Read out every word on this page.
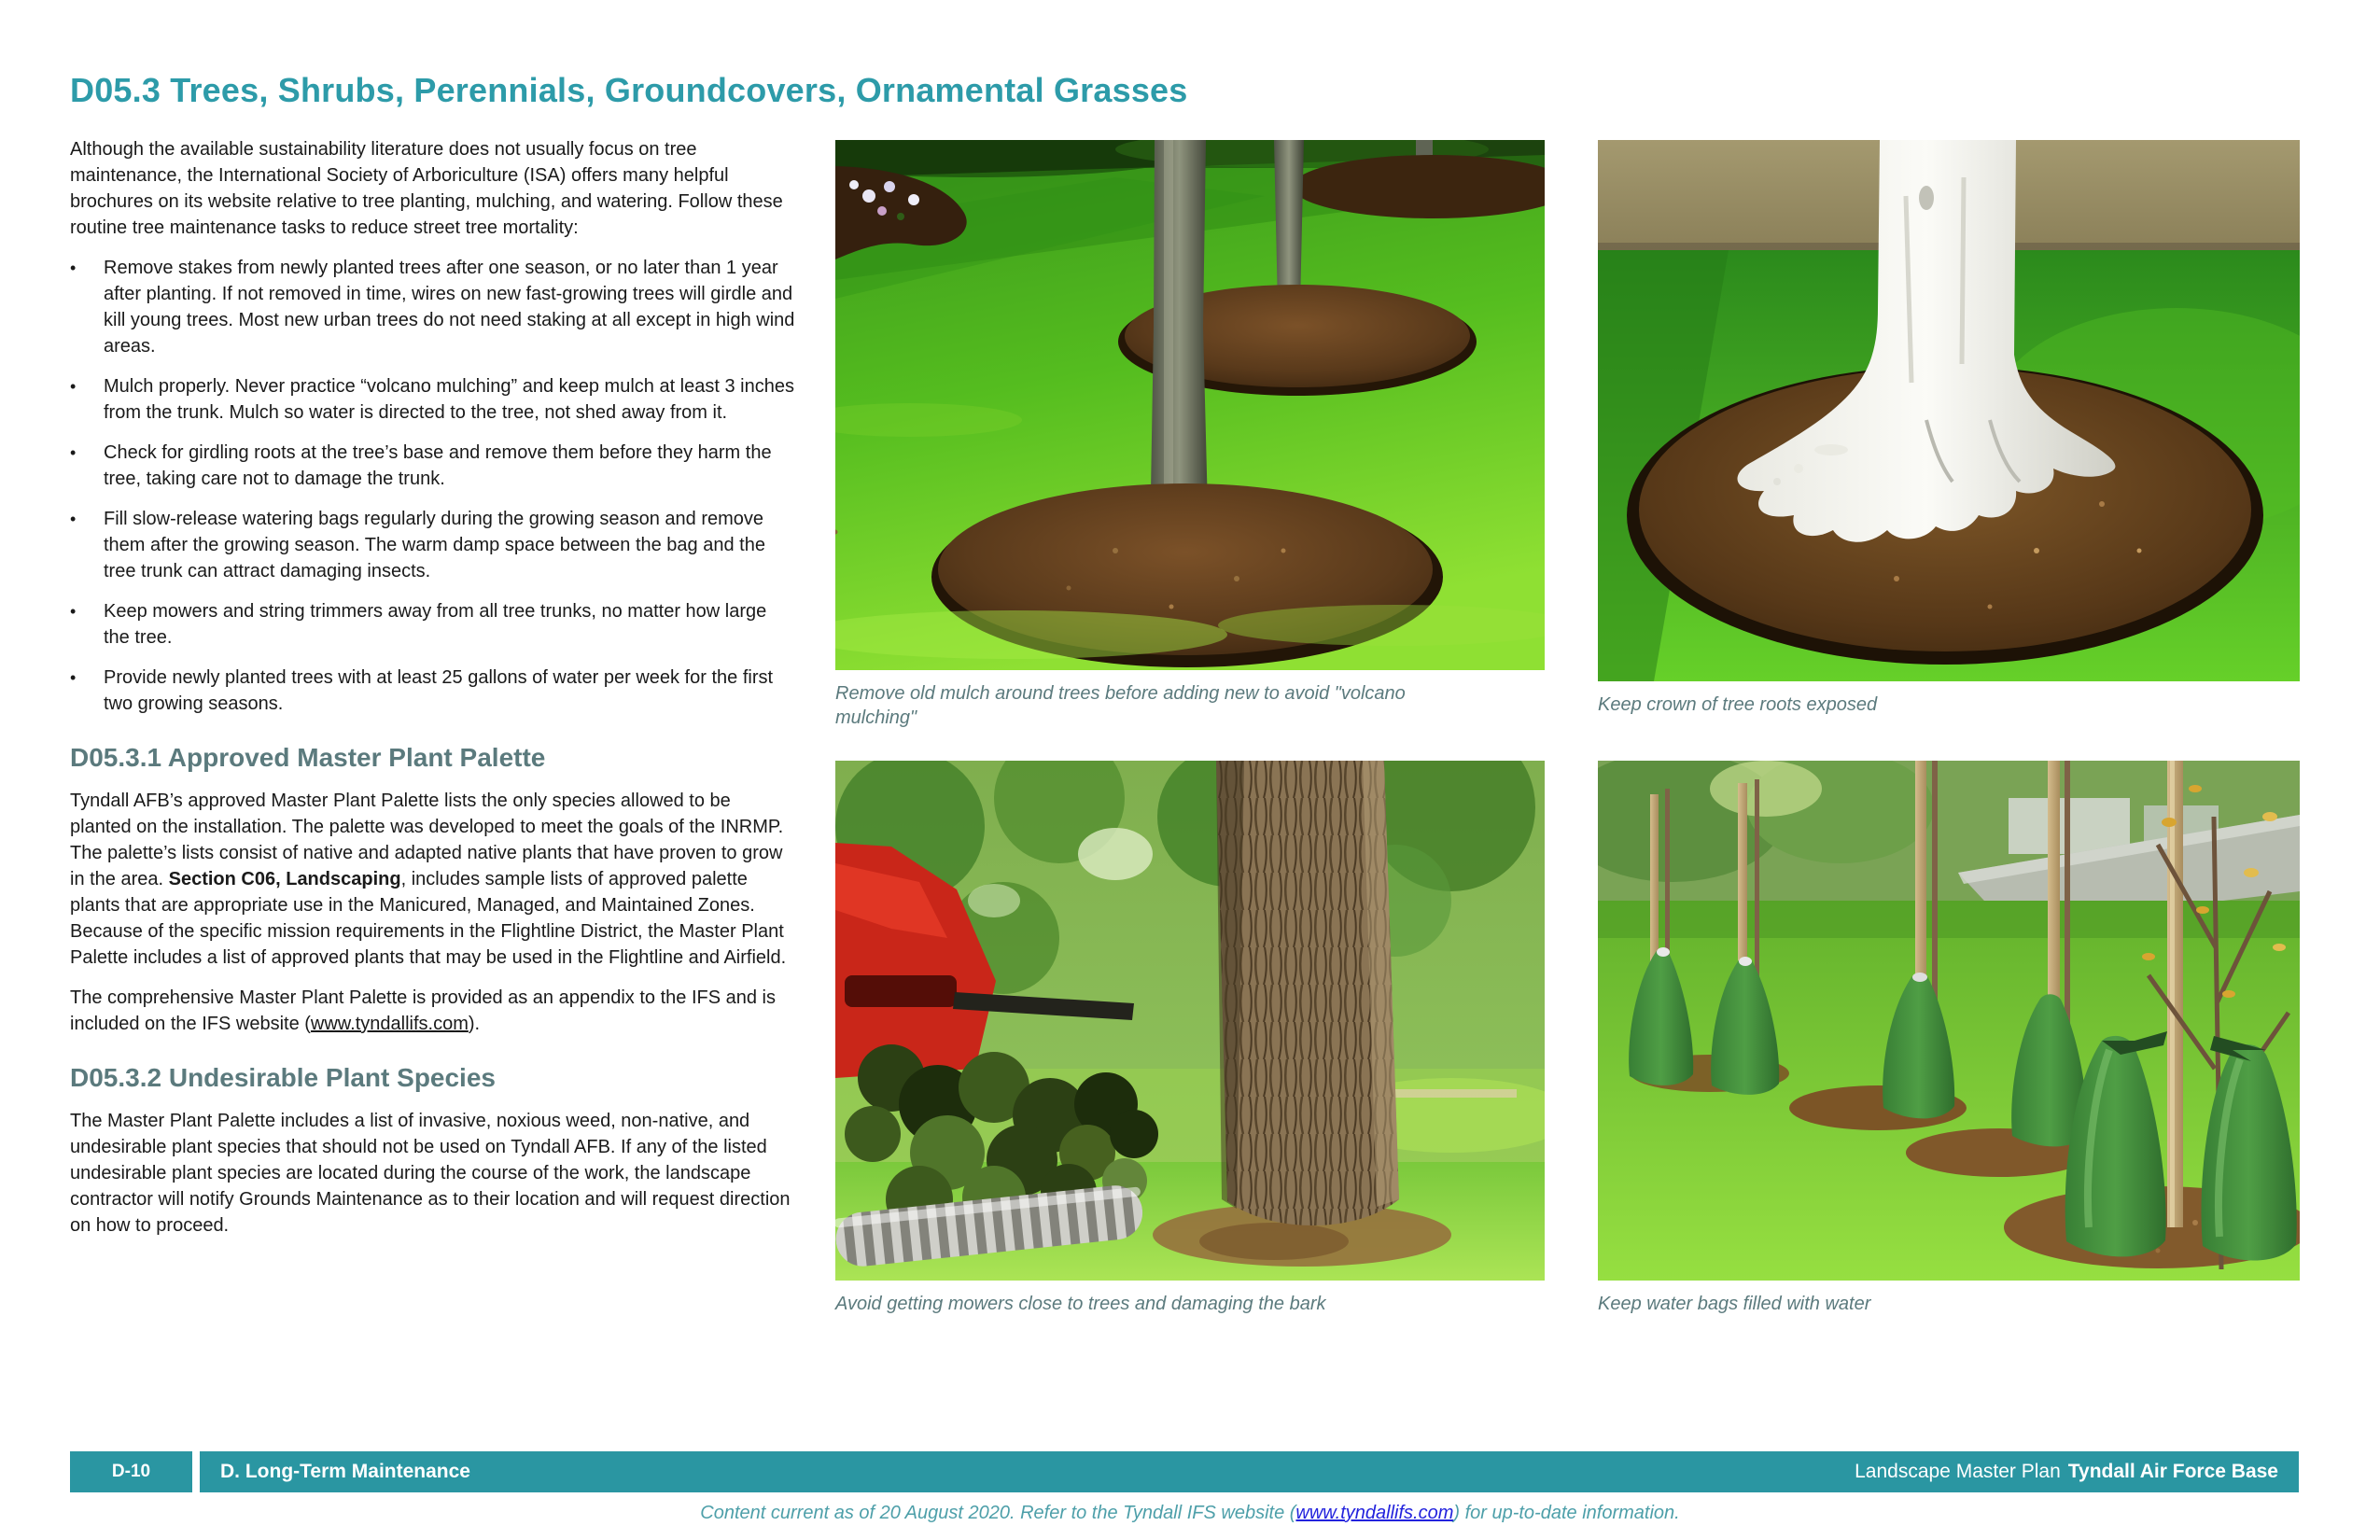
D05.3 Trees, Shrubs, Perennials, Groundcovers, Ornamental Grasses

Although the available sustainability literature does not usually focus on tree maintenance, the International Society of Arboriculture (ISA) offers many helpful brochures on its website relative to tree planting, mulching, and watering. Follow these routine tree maintenance tasks to reduce street tree mortality:

•
Remove stakes from newly planted trees after one season, or no later than 1 year after planting. If not removed in time, wires on new fast-growing trees will girdle and kill young trees. Most new urban trees do not need staking at all except in high wind areas.
•
Mulch properly. Never practice “volcano mulching” and keep mulch at least 3 inches from the trunk. Mulch so water is directed to the tree, not shed away from it.
•
Check for girdling roots at the tree’s base and remove them before they harm the tree, taking care not to damage the trunk.
•
Fill slow-release watering bags regularly during the growing season and remove them after the growing season. The warm damp space between the bag and the tree trunk can attract damaging insects.
•
Keep mowers and string trimmers away from all tree trunks, no matter how large the tree.
•
Provide newly planted trees with at least 25 gallons of water per week for the first two growing seasons.
D05.3.1 Approved Master Plant Palette

Tyndall AFB’s approved Master Plant Palette lists the only species allowed to be planted on the installation. The palette was developed to meet the goals of the INRMP. The palette’s lists consist of native and adapted native plants that have proven to grow in the area. Section C06, Landscaping, includes sample lists of approved palette plants that are appropriate use in the Manicured, Managed, and Maintained Zones. Because of the specific mission requirements in the Flightline District, the Master Plant Palette includes a list of approved plants that may be used in the Flightline and Airfield.

The comprehensive Master Plant Palette is provided as an appendix to the IFS and is included on the IFS website (www.tyndallifs.com).

D05.3.2 Undesirable Plant Species

The Master Plant Palette includes a list of invasive, noxious weed, non-native, and undesirable plant species that should not be used on Tyndall AFB. If any of the listed undesirable plant species are located during the course of the work, the landscape contractor will notify Grounds Maintenance as to their location and will request direction on how to proceed.

Remove old mulch around trees before adding new to avoid "volcano mulching"
Keep crown of tree roots exposed
Avoid getting mowers close to trees and damaging the bark	Keep water bags filled with water
D-10	D. Long-Term Maintenance	Landscape Master Plan Tyndall Air Force Base
Content current as of 20 August 2020. Refer to the Tyndall IFS website (www.tyndallifs.com) for up-to-date information.
